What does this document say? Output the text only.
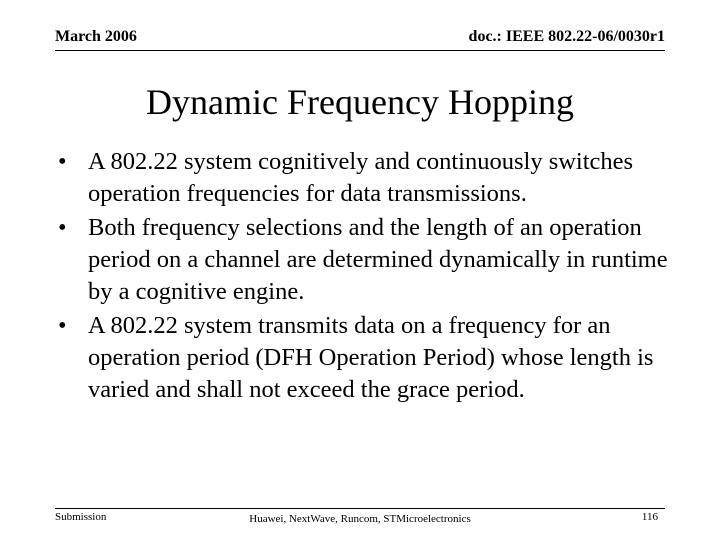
March 2006	doc.: IEEE 802.22-06/0030r1
Dynamic Frequency Hopping
• A 802.22 system cognitively and continuously switches operation frequencies for data transmissions.
• Both frequency selections and the length of an operation period on a channel are determined dynamically in runtime by a cognitive engine.
• A 802.22 system transmits data on a frequency for an operation period (DFH Operation Period) whose length is varied and shall not exceed the grace period.
Submission	Huawei, NextWave, Runcom, STMicroelectronics	116
